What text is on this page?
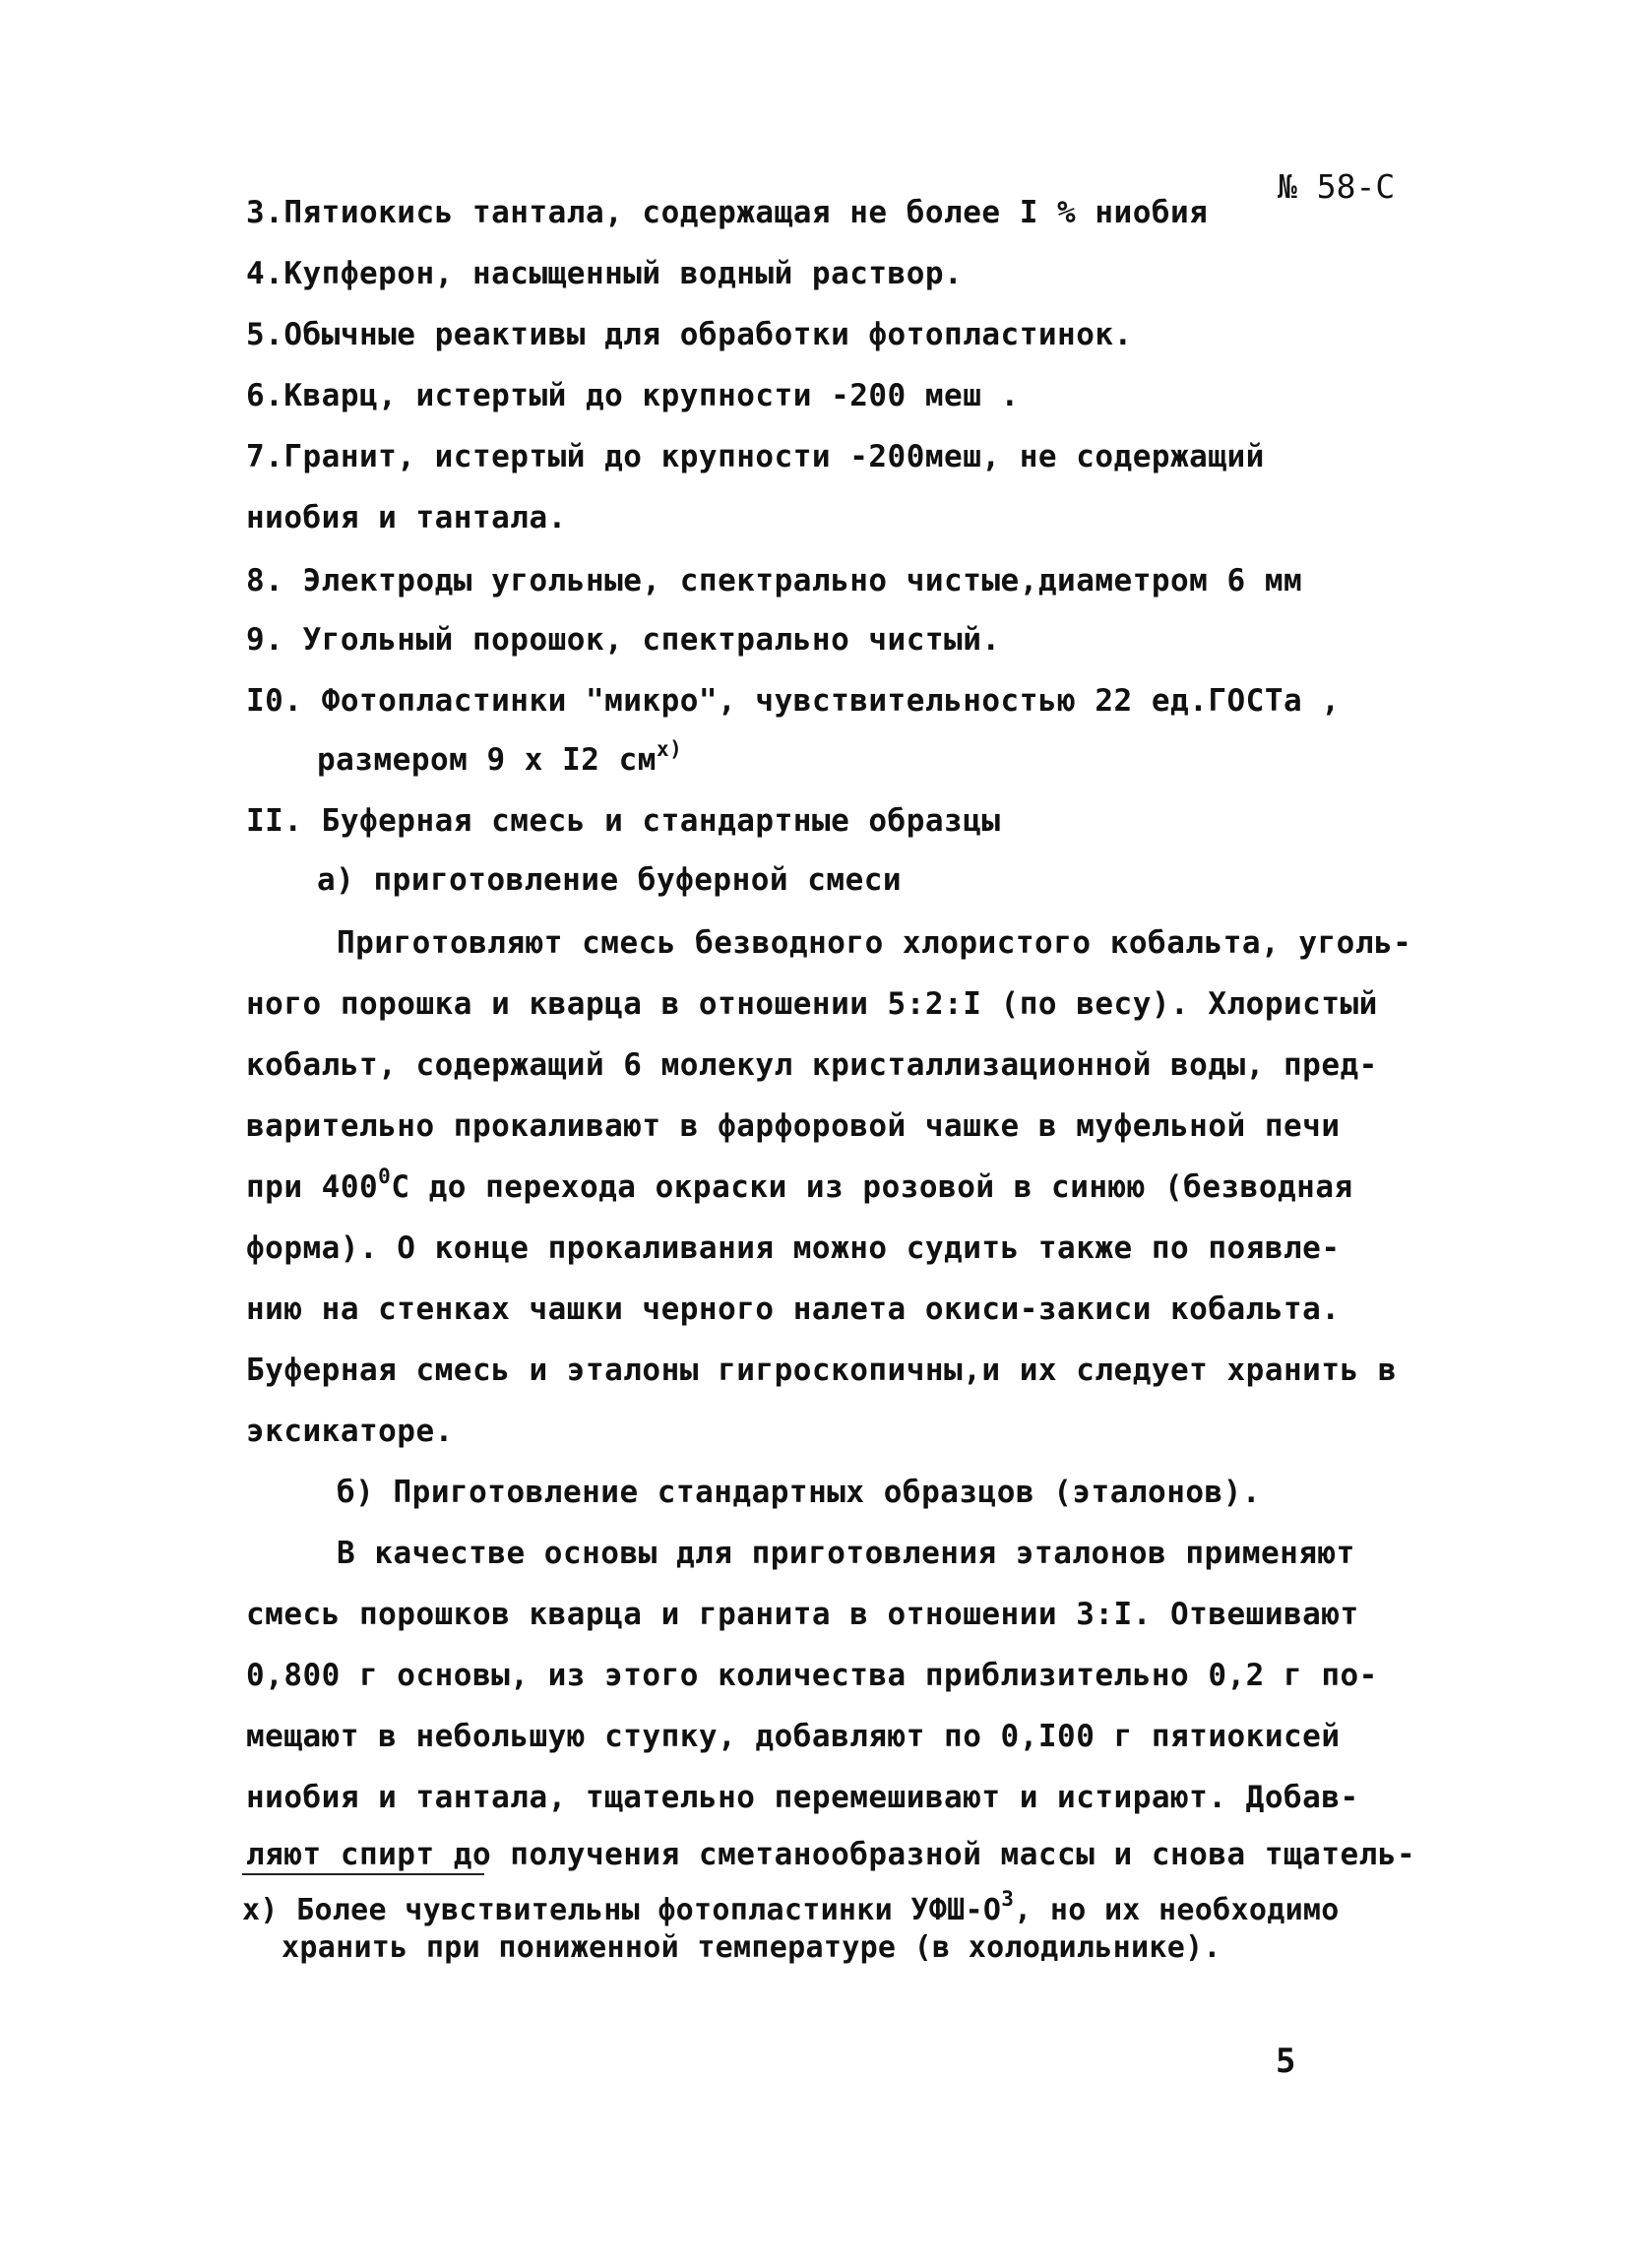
№ 58-С
3.Пятиокись тантала, содержащая не более I % ниобия
4.Купферон, насыщенный водный раствор.
5.Обычные реактивы для обработки фотопластинок.
6.Кварц, истертый до крупности -200 меш .
7.Гранит, истертый до крупности -200меш, не содержащий
ниобия и тантала.
8. Электроды угольные, спектрально чистые,диаметром 6 мм
9. Угольный порошок, спектрально чистый.
I0. Фотопластинки "микро", чувствительностью 22 ед.ГОСТа ,
размером 9 х I2 $см^{х)}$
II. Буферная смесь и стандартные образцы
а) приготовление буферной смеси
Приготовляют смесь безводного хлористого кобальта, уголь-
ного порошка и кварца в отношении 5:2:I (по весу). Хлористый
кобальт, содержащий 6 молекул кристаллизационной воды, пред-
варительно прокаливают в фарфоровой чашке в муфельной печи
при $400^0С$ до перехода окраски из розовой в синюю (безводная
форма). О конце прокаливания можно судить также по появле-
нию на стенках чашки черного налета окиси-закиси кобальта.
Буферная смесь и эталоны гигроскопичны,и их следует хранить в
эксикаторе.
б) Приготовление стандартных образцов (эталонов).
В качестве основы для приготовления эталонов применяют
смесь порошков кварца и гранита в отношении 3:I. Отвешивают
0,800 г основы, из этого количества приблизительно 0,2 г по-
мещают в небольшую ступку, добавляют по 0,I00 г пятиокисей
ниобия и тантала, тщательно перемешивают и истирают. Добав-
ляют спирт до получения сметанообразной массы и снова тщатель-
х) Более чувствительны фотопластинки УФШ-$О^3$, но их необходимо
хранить при пониженной температуре (в холодильнике).
5
